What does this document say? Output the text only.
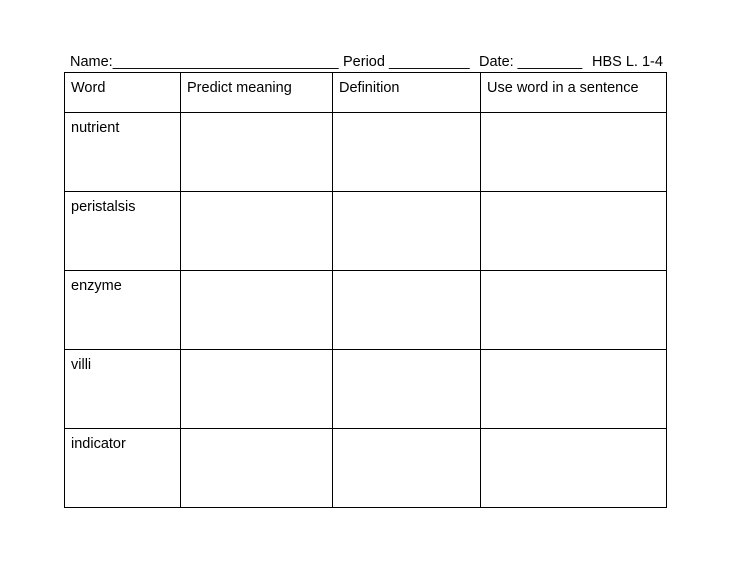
Name:____________________________ Period __________ Date: ________ HBS L. 1-4
Word	Predict meaning	Definition	Use word in a sentence

nutrient			

peristalsis			

enzyme			

villi			

indicator			
